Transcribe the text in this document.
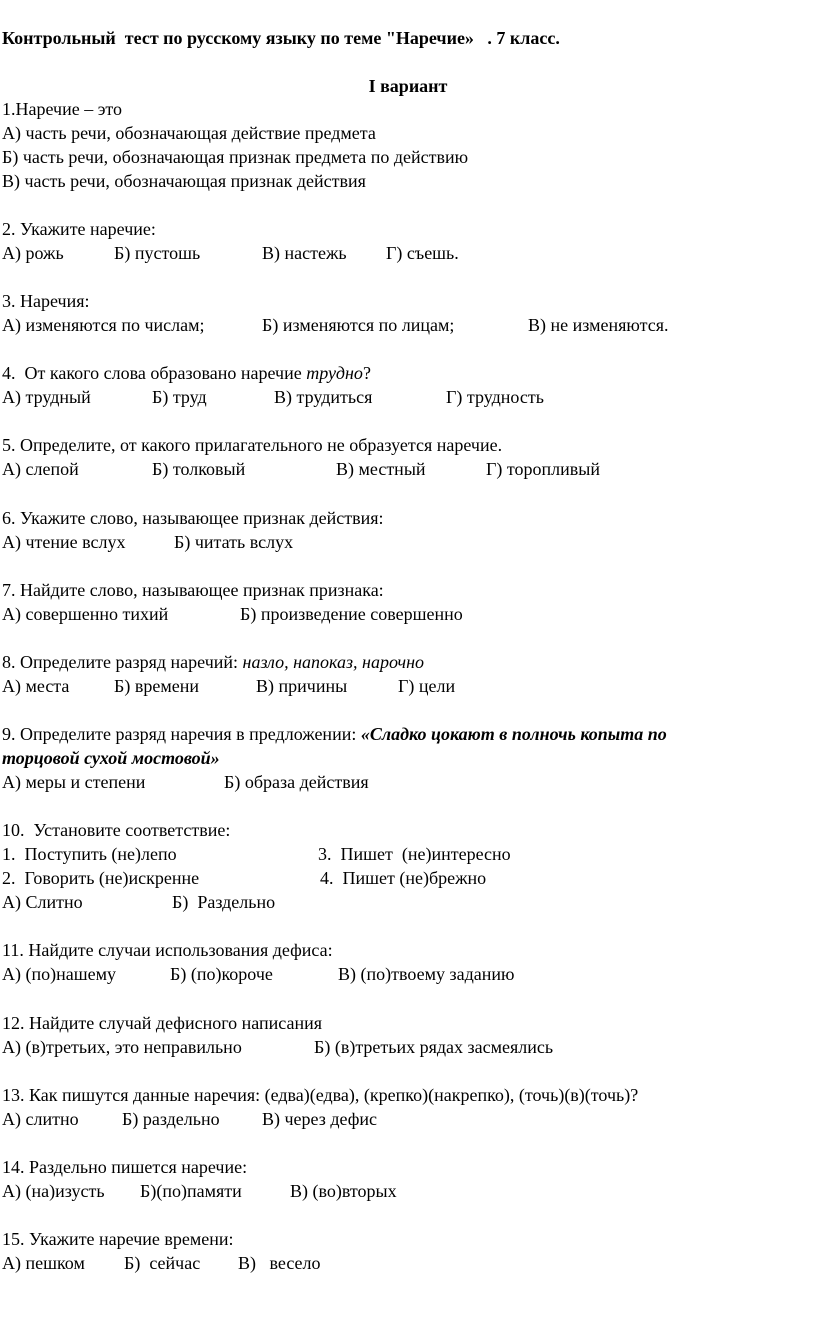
Контрольный  тест по русскому языку по теме "Наречие»   . 7 класс.
I вариант
1.Наречие – это
А) часть речи, обозначающая действие предмета
Б) часть речи, обозначающая признак предмета по действию
В) часть речи, обозначающая признак действия
2. Укажите наречие:
А) рожь	Б) пустошь	В) настежь Г) съешь.
3. Наречия:
А) изменяются по числам;	Б) изменяются по лицам;	В) не изменяются.
4.  От какого слова образовано наречие трудно?
А) трудный	Б) труд	В) трудиться	Г) трудность
5. Определите, от какого прилагательного не образуется наречие.
А) слепой	Б) толковый	В) местный	Г) торопливый
6. Укажите слово, называющее признак действия:
А) чтение вслух	Б) читать вслух
7. Найдите слово, называющее признак признака:
А) совершенно тихий	Б) произведение совершенно
8. Определите разряд наречий: назло, напоказ, нарочно
А) места Б) времени	В) причины	Г) цели
9. Определите разряд наречия в предложении: «Сладко цокают в полночь копыта по
торцовой сухой мостовой»
А) меры и степени	Б) образа действия
10.  Установите соответствие:
1.  Поступить (не)лепо	3.  Пишет  (не)интересно
2.  Говорить (не)искренне	4.  Пишет (не)брежно
А) Слитно	Б)  Раздельно
11. Найдите случаи использования дефиса:
А) (по)нашему	Б) (по)короче	В) (по)твоему заданию
12. Найдите случай дефисного написания
А) (в)третьих, это неправильно	Б) (в)третьих рядах засмеялись
13. Как пишутся данные наречия: (едва)(едва), (крепко)(накрепко), (точь)(в)(точь)?
А) слитно Б) раздельно В) через дефис
14. Раздельно пишется наречие:
А) (на)изусть Б)(по)памяти	В) (во)вторых
15. Укажите наречие времени:
А) пешком Б)  сейчас В)   весело
